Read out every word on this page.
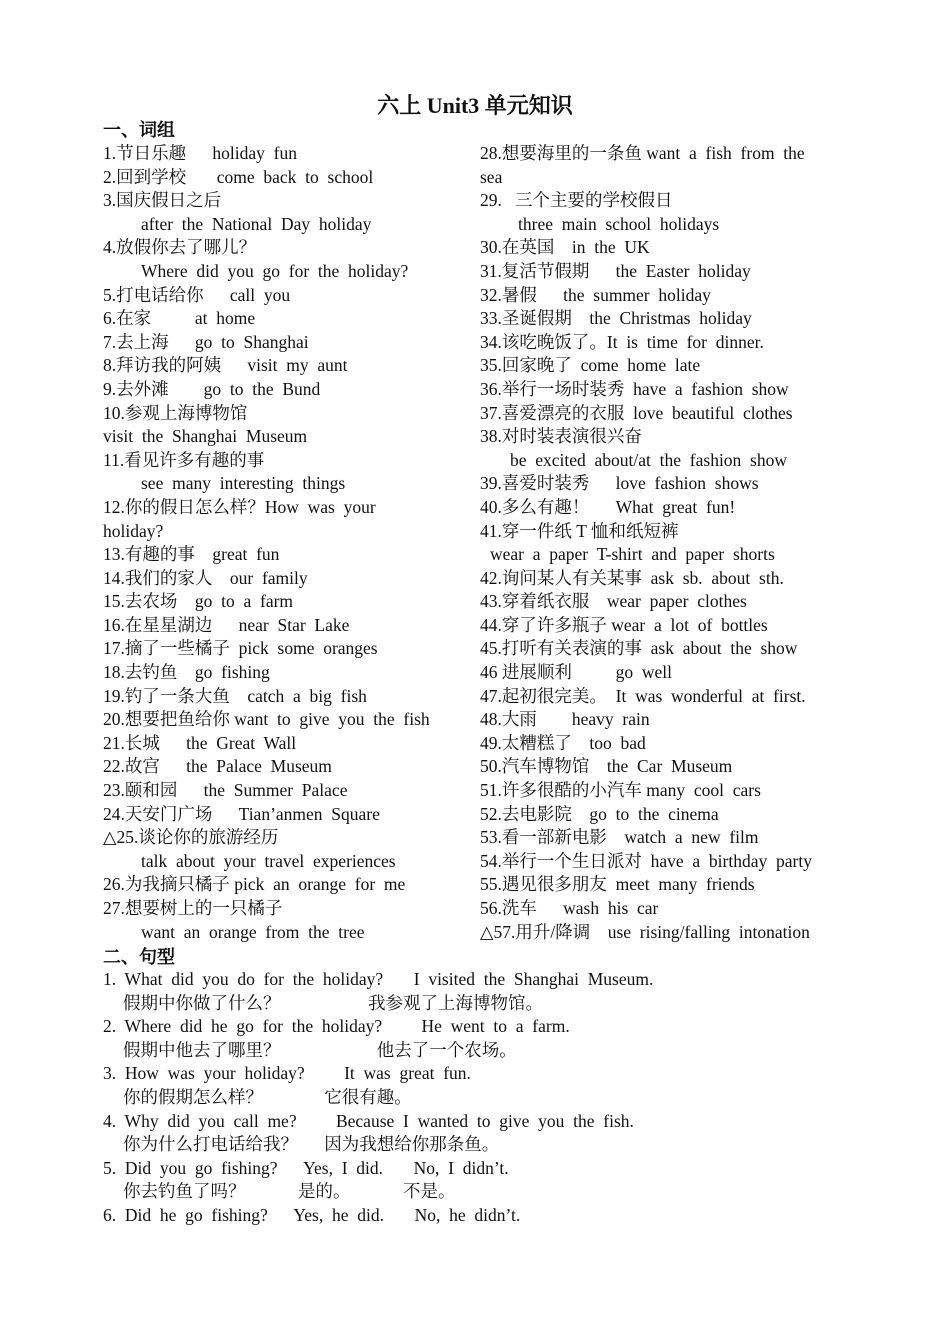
六上 Unit3 单元知识
一、词组
1.节日乐趣      holiday  fun
2.回到学校       come  back  to  school
3.国庆假日之后
after  the  National  Day  holiday
4.放假你去了哪儿？
Where  did  you  go  for  the  holiday?
5.打电话给你      call  you
6.在家          at  home
7.去上海      go  to  Shanghai
8.拜访我的阿姨      visit  my  aunt
9.去外滩        go  to  the  Bund
10.参观上海博物馆
visit  the  Shanghai  Museum
11.看见许多有趣的事
see  many  interesting  things
12.你的假日怎么样？How  was  your
holiday?
13.有趣的事    great  fun
14.我们的家人    our  family
15.去农场    go  to  a  farm
16.在星星湖边      near  Star  Lake
17.摘了一些橘子  pick  some  oranges
18.去钓鱼    go  fishing
19.钓了一条大鱼    catch  a  big  fish
20.想要把鱼给你 want  to  give  you  the  fish
21.长城      the  Great  Wall
22.故宫      the  Palace  Museum
23.颐和园      the  Summer  Palace
24.天安门广场      Tian’anmen  Square
△25.谈论你的旅游经历
talk  about  your  travel  experiences
26.为我摘只橘子 pick  an  orange  for  me
27.想要树上的一只橘子
want  an  orange  from  the  tree
28.想要海里的一条鱼 want  a  fish  from  the
sea
29.   三个主要的学校假日
three  main  school  holidays
30.在英国    in  the  UK
31.复活节假期      the  Easter  holiday
32.暑假      the  summer  holiday
33.圣诞假期    the  Christmas  holiday
34.该吃晚饭了。It  is  time  for  dinner.
35.回家晚了  come  home  late
36.举行一场时装秀  have  a  fashion  show
37.喜爱漂亮的衣服  love  beautiful  clothes
38.对时装表演很兴奋
be  excited  about/at  the  fashion  show
39.喜爱时装秀      love  fashion  shows
40.多么有趣！      What  great  fun!
41.穿一件纸 T 恤和纸短裤
wear  a  paper  T-shirt  and  paper  shorts
42.询问某人有关某事  ask  sb.  about  sth.
43.穿着纸衣服    wear  paper  clothes
44.穿了许多瓶子 wear  a  lot  of  bottles
45.打听有关表演的事  ask  about  the  show
46 进展顺利          go  well
47.起初很完美。  It  was  wonderful  at  first.
48.大雨        heavy  rain
49.太糟糕了    too  bad
50.汽车博物馆    the  Car  Museum
51.许多很酷的小汽车 many  cool  cars
52.去电影院    go  to  the  cinema
53.看一部新电影    watch  a  new  film
54.举行一个生日派对  have  a  birthday  party
55.遇见很多朋友  meet  many  friends
56.洗车      wash  his  car
△57.用升/降调    use  rising/falling  intonation
二、句型
1.  What  did  you  do  for  the  holiday?       I  visited  the  Shanghai  Museum.
假期中你做了什么？                    我参观了上海博物馆。
2.  Where  did  he  go  for  the  holiday?         He  went  to  a  farm.
假期中他去了哪里？                      他去了一个农场。
3.  How  was  your  holiday?         It  was  great  fun.
你的假期怎么样？              它很有趣。
4.  Why  did  you  call  me?         Because  I  wanted  to  give  you  the  fish.
你为什么打电话给我？      因为我想给你那条鱼。
5.  Did  you  go  fishing?      Yes,  I  did.       No,  I  didn’t.
你去钓鱼了吗？            是的。            不是。
6.  Did  he  go  fishing?      Yes,  he  did.       No,  he  didn’t.
